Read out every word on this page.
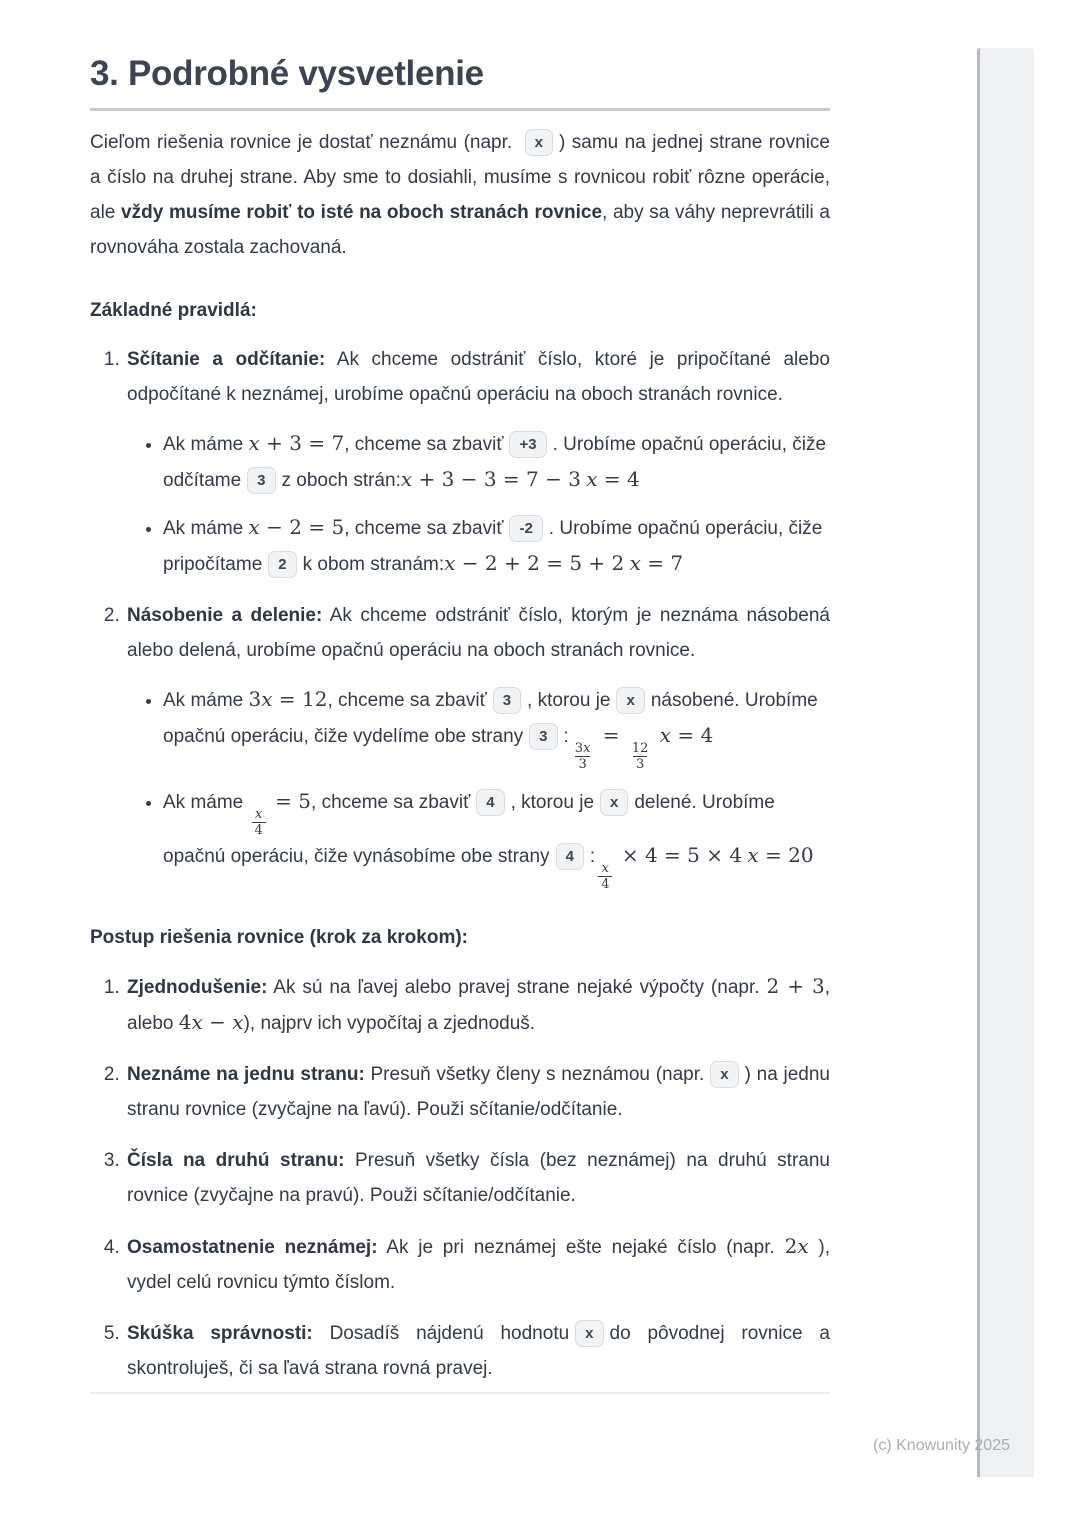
3. Podrobné vysvetlenie

Cieľom riešenia rovnice je dostať neznámu (napr. x ) samu na jednej strane rovnice a číslo na druhej strane. Aby sme to dosiahli, musíme s rovnicou robiť rôzne operácie, ale vždy musíme robiť to isté na oboch stranách rovnice, aby sa váhy neprevrátili a rovnováha zostala zachovaná.

Základné pravidlá:

1. Sčítanie a odčítanie: Ak chceme odstrániť číslo, ktoré je pripočítané alebo odpočítané k neznámej, urobíme opačnú operáciu na oboch stranách rovnice.
• Ak máme x + 3 = 7, chceme sa zbaviť +3 . Urobíme opačnú operáciu, čiže odčítame 3 z oboch strán:x + 3 − 3 = 7 − 3 x = 4
• Ak máme x − 2 = 5, chceme sa zbaviť -2 . Urobíme opačnú operáciu, čiže pripočítame 2 k obom stranám:x − 2 + 2 = 5 + 2 x = 7
2. Násobenie a delenie: Ak chceme odstrániť číslo, ktorým je neznáma násobená alebo delená, urobíme opačnú operáciu na oboch stranách rovnice.
• Ak máme 3x = 12, chceme sa zbaviť 3 , ktorou je x násobené. Urobíme opačnú operáciu, čiže vydelíme obe strany 3 :
$\frac{3x}{3}$
=
$\frac{12}{3}$
x = 4
• Ak máme
$\frac{x}{4}$
= 5, chceme sa zbaviť 4 , ktorou je x delené. Urobíme opačnú operáciu, čiže vynásobíme obe strany 4 :
$\frac{x}{4}$
× 4 = 5 × 4 x = 20

Postup riešenia rovnice (krok za krokom):

1. Zjednodušenie: Ak sú na ľavej alebo pravej strane nejaké výpočty (napr. 2 + 3, alebo 4x − x), najprv ich vypočítaj a zjednoduš.
2. Neznáme na jednu stranu: Presuň všetky členy s neznámou (napr. x ) na jednu stranu rovnice (zvyčajne na ľavú). Použi sčítanie/odčítanie.
3. Čísla na druhú stranu: Presuň všetky čísla (bez neznámej) na druhú stranu rovnice (zvyčajne na pravú). Použi sčítanie/odčítanie.
4. Osamostatnenie neznámej: Ak je pri neznámej ešte nejaké číslo (napr. 2x ), vydel celú rovnicu týmto číslom.
5. Skúška správnosti: Dosadíš nájdenú hodnotu x do pôvodnej rovnice a skontroluješ, či sa ľavá strana rovná pravej.
(c) Knowunity 2025
